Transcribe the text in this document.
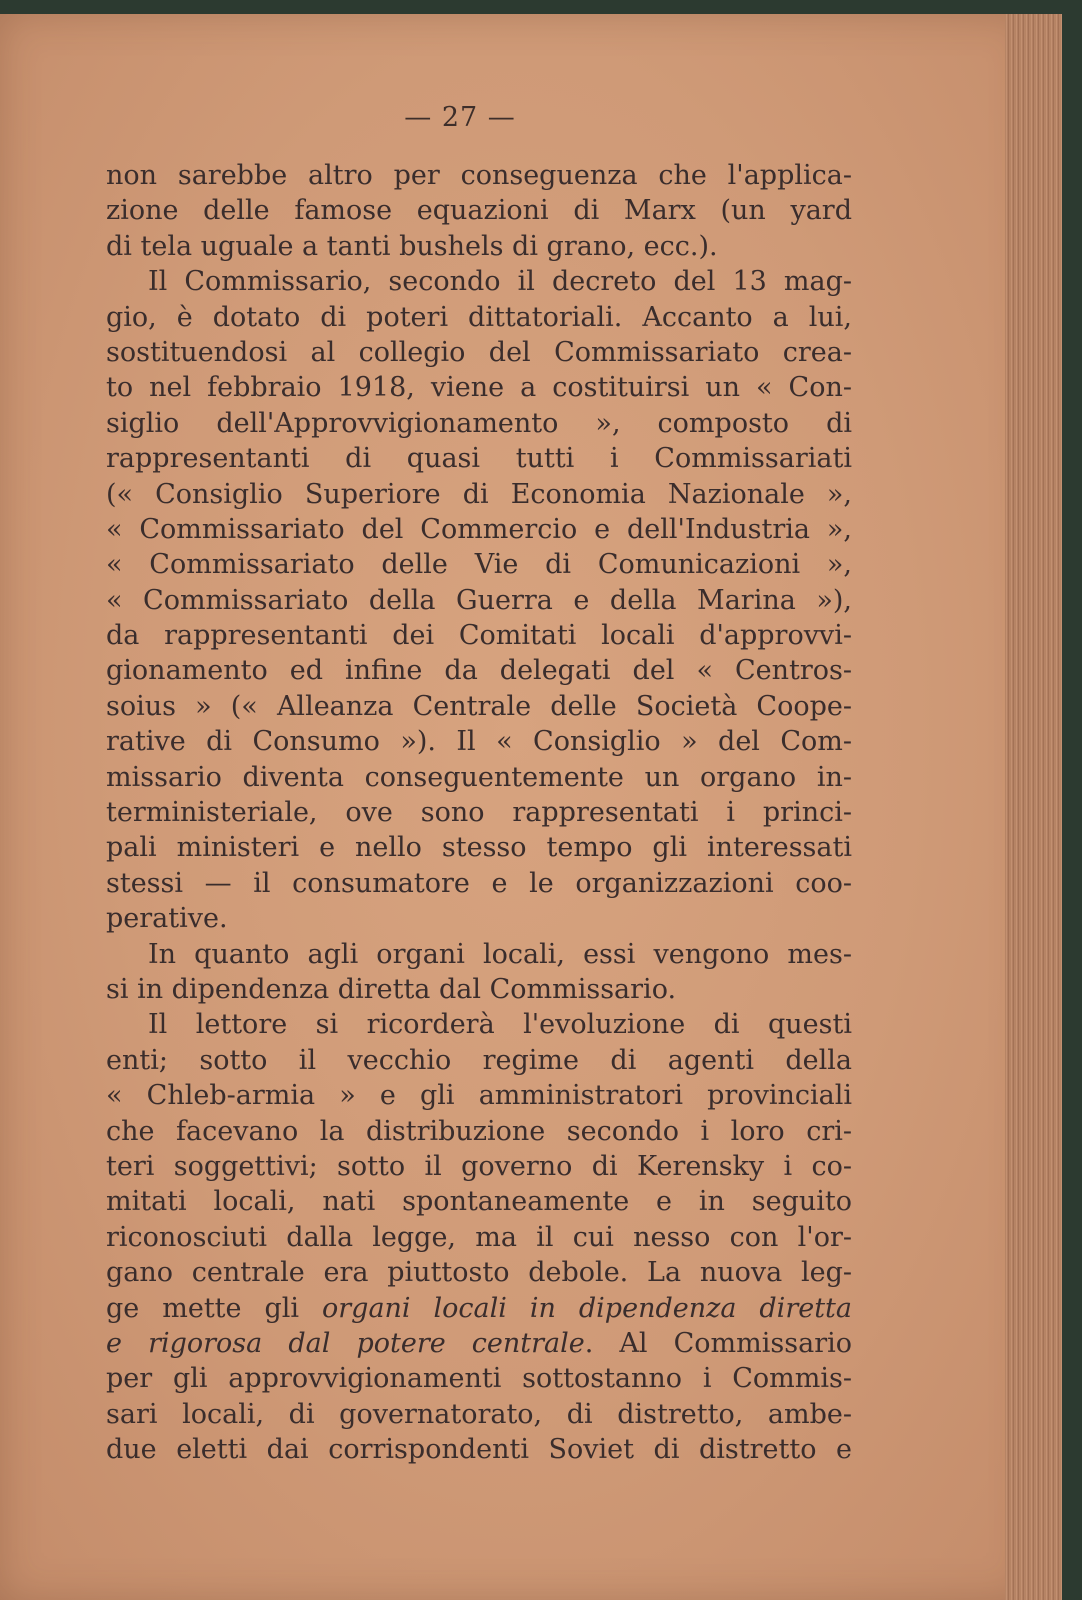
— 27 —
non sarebbe altro per conseguenza che l'applica-
zione delle famose equazioni di Marx (un yard
di tela uguale a tanti bushels di grano, ecc.).
Il Commissario, secondo il decreto del 13 mag-
gio, è dotato di poteri dittatoriali. Accanto a lui,
sostituendosi al collegio del Commissariato crea-
to nel febbraio 1918, viene a costituirsi un « Con-
siglio dell'Approvvigionamento », composto di
rappresentanti di quasi tutti i Commissariati
(« Consiglio Superiore di Economia Nazionale »,
« Commissariato del Commercio e dell'Industria »,
« Commissariato delle Vie di Comunicazioni »,
« Commissariato della Guerra e della Marina »),
da rappresentanti dei Comitati locali d'approvvi-
gionamento ed infine da delegati del « Centros-
soius » (« Alleanza Centrale delle Società Coope-
rative di Consumo »). Il « Consiglio » del Com-
missario diventa conseguentemente un organo in-
terministeriale, ove sono rappresentati i princi-
pali ministeri e nello stesso tempo gli interessati
stessi — il consumatore e le organizzazioni coo-
perative.
In quanto agli organi locali, essi vengono mes-
si in dipendenza diretta dal Commissario.
Il lettore si ricorderà l'evoluzione di questi
enti; sotto il vecchio regime di agenti della
« Chleb-armia » e gli amministratori provinciali
che facevano la distribuzione secondo i loro cri-
teri soggettivi; sotto il governo di Kerensky i co-
mitati locali, nati spontaneamente e in seguito
riconosciuti dalla legge, ma il cui nesso con l'or-
gano centrale era piuttosto debole. La nuova leg-
ge mette gli organi locali in dipendenza diretta
e rigorosa dal potere centrale. Al Commissario
per gli approvvigionamenti sottostanno i Commis-
sari locali, di governatorato, di distretto, ambe-
due eletti dai corrispondenti Soviet di distretto e
